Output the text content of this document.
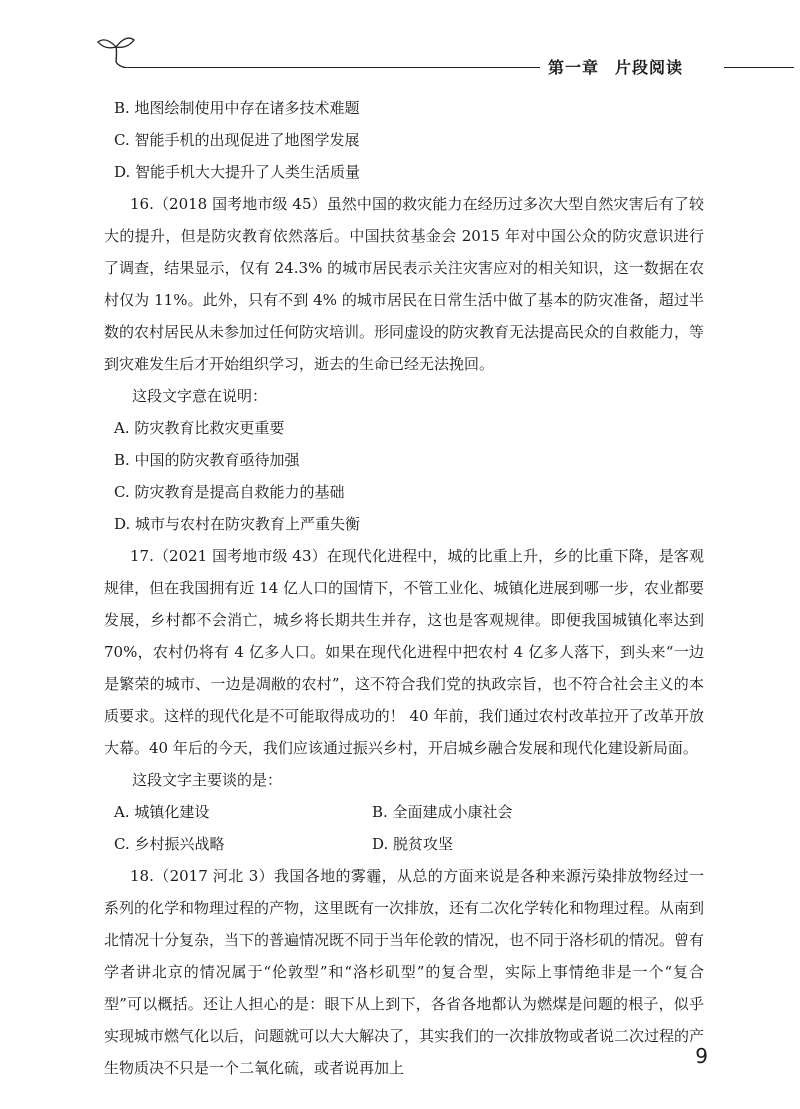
第一章 片段阅读

B. 地图绘制使用中存在诸多技术难题

C. 智能手机的出现促进了地图学发展

D. 智能手机大大提升了人类生活质量

16.（2018 国考地市级 45）虽然中国的救灾能力在经历过多次大型自然灾害后有了较大的提升，但是防灾教育依然落后。中国扶贫基金会 2015 年对中国公众的防灾意识进行了调查，结果显示，仅有 24.3% 的城市居民表示关注灾害应对的相关知识，这一数据在农村仅为 11%。此外，只有不到 4% 的城市居民在日常生活中做了基本的防灾准备，超过半数的农村居民从未参加过任何防灾培训。形同虚设的防灾教育无法提高民众的自救能力，等到灾难发生后才开始组织学习，逝去的生命已经无法挽回。

这段文字意在说明：

A. 防灾教育比救灾更重要

B. 中国的防灾教育亟待加强

C. 防灾教育是提高自救能力的基础

D. 城市与农村在防灾教育上严重失衡

17.（2021 国考地市级 43）在现代化进程中，城的比重上升，乡的比重下降，是客观规律，但在我国拥有近 14 亿人口的国情下，不管工业化、城镇化进展到哪一步，农业都要发展，乡村都不会消亡，城乡将长期共生并存，这也是客观规律。即便我国城镇化率达到 70%，农村仍将有 4 亿多人口。如果在现代化进程中把农村 4 亿多人落下，到头来“一边是繁荣的城市、一边是凋敝的农村”，这不符合我们党的执政宗旨，也不符合社会主义的本质要求。这样的现代化是不可能取得成功的！ 40 年前，我们通过农村改革拉开了改革开放大幕。40 年后的今天，我们应该通过振兴乡村，开启城乡融合发展和现代化建设新局面。

这段文字主要谈的是：

A. 城镇化建设	B. 全面建成小康社会
C. 乡村振兴战略	D. 脱贫攻坚

18.（2017 河北 3）我国各地的雾霾，从总的方面来说是各种来源污染排放物经过一系列的化学和物理过程的产物，这里既有一次排放，还有二次化学转化和物理过程。从南到北情况十分复杂，当下的普遍情况既不同于当年伦敦的情况，也不同于洛杉矶的情况。曾有学者讲北京的情况属于“伦敦型”和“洛杉矶型”的复合型，实际上事情绝非是一个“复合型”可以概括。还让人担心的是：眼下从上到下，各省各地都认为燃煤是问题的根子，似乎实现城市燃气化以后，问题就可以大大解决了，其实我们的一次排放物或者说二次过程的产生物质决不只是一个二氧化硫，或者说再加上	9
